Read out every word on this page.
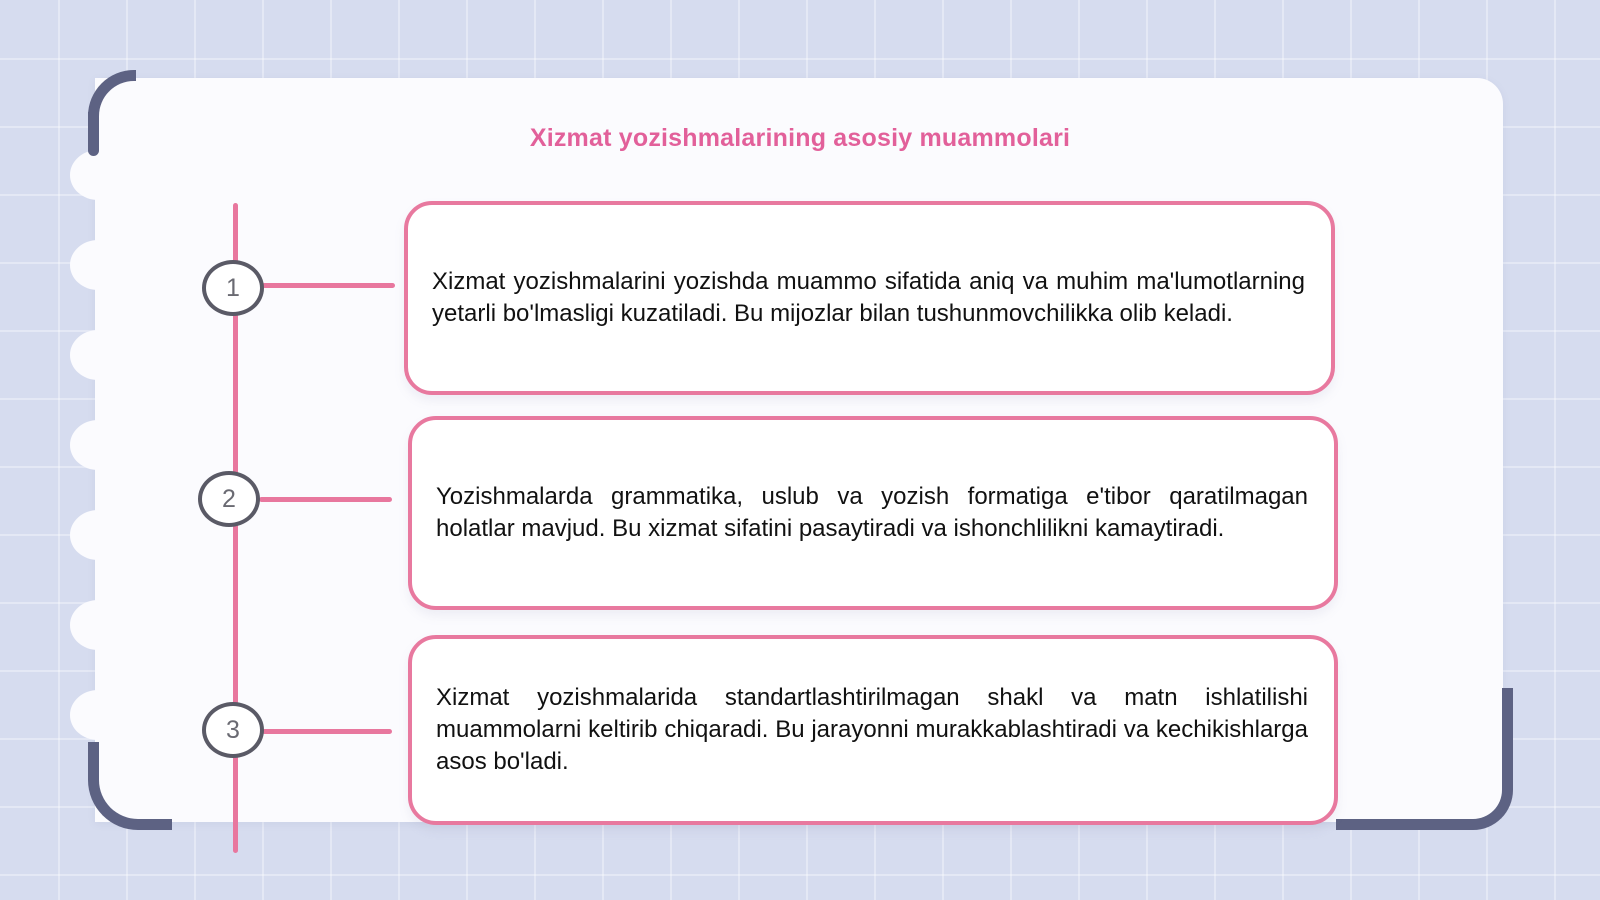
Xizmat yozishmalarining asosiy muammolari
1	Xizmat yozishmalarini yozishda muammo sifatida aniq va muhim ma'lumotlarning yetarli bo'lmasligi kuzatiladi. Bu mijozlar bilan tushunmovchilikka olib keladi.

2	Yozishmalarda grammatika, uslub va yozish formatiga e'tibor qaratilmagan holatlar mavjud. Bu xizmat sifatini pasaytiradi va ishonchlilikni kamaytiradi.

3

Xizmat yozishmalarida standartlashtirilmagan shakl va matn ishlatilishi muammolarni keltirib chiqaradi. Bu jarayonni murakkablashtiradi va kechikishlarga asos bo'ladi.
